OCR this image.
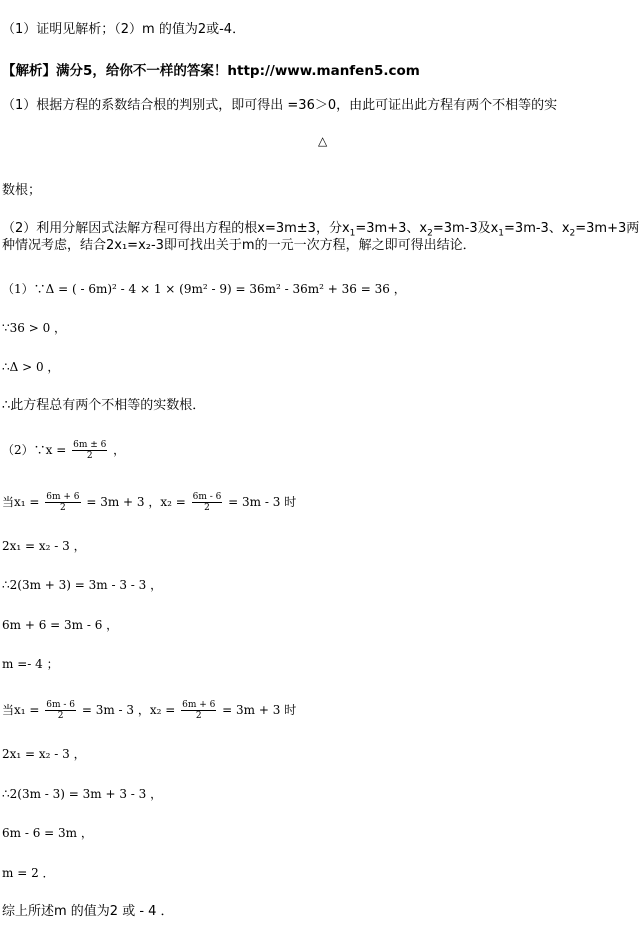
（1）证明见解析；（2）m 的值为2或-4．
【解析】满分5，给你不一样的答案！http://www.manfen5.com
（1）根据方程的系数结合根的判别式，即可得出 =36＞0，由此可证出此方程有两个不相等的实
△
数根；
（2）利用分解因式法解方程可得出方程的根x=3m±3，分$x_1=3m+3$、$x_2=3m-3$及$x_1=3m-3$、$x_2=3m+3$两
种情况考虑，结合2x₁=x₂-3即可找出关于m的一元一次方程，解之即可得出结论．
（1）∵Δ = ( - 6m)² - 4 × 1 × (9m² - 9) = 36m² - 36m² + 36 = 36 ，
∵36 > 0 ，
∴Δ > 0 ，
∴此方程总有两个不相等的实数根．
（2）∵x = $\frac{6m \pm 6}{2}$ ，
当$x_1 = \frac{6m + 6}{2} = 3m + 3$ ，$x_2 = \frac{6m - 6}{2} = 3m - 3$ 时
2x₁ = x₂ - 3 ，
∴2(3m + 3) = 3m - 3 - 3 ，
6m + 6 = 3m - 6 ，
m =- 4 ；
当$x_1 = \frac{6m - 6}{2} = 3m - 3$ ，$x_2 = \frac{6m + 6}{2} = 3m + 3$ 时
2x₁ = x₂ - 3 ，
∴2(3m - 3) = 3m + 3 - 3 ，
6m - 6 = 3m ，
m = 2 ．
综上所述m 的值为2 或 - 4 ．
